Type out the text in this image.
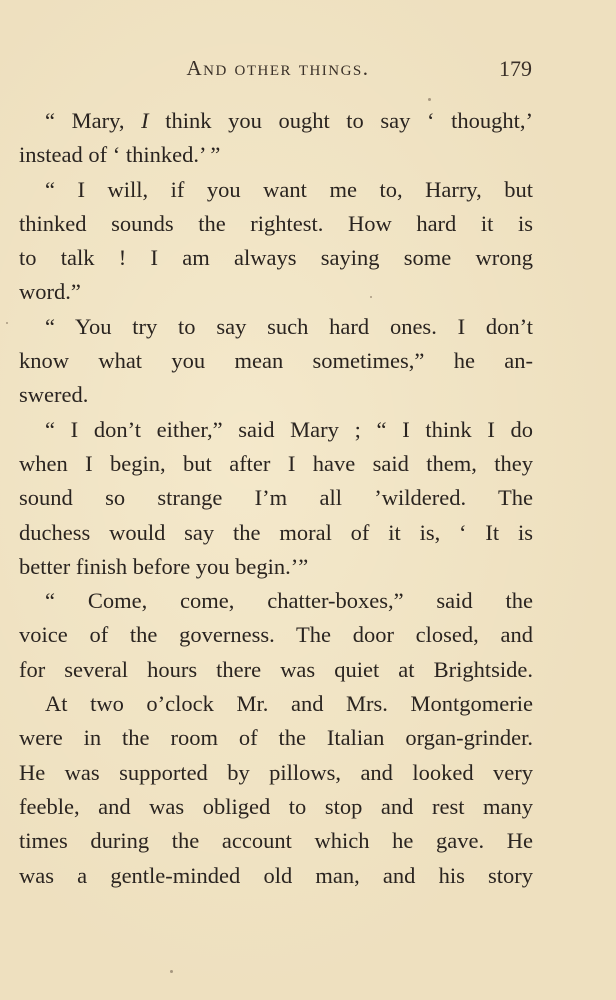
And other things.	179
“ Mary, I think you ought to say ‘ thought,’
instead of ‘ thinked.’ ”
“ I will, if you want me to, Harry, but
thinked sounds the rightest. How hard it is
to talk ! I am always saying some wrong
word.”
“ You try to say such hard ones. I don’t
know what you mean sometimes,” he an-
swered.
“ I don’t either,” said Mary ; “ I think I do
when I begin, but after I have said them, they
sound so strange I’m all ’wildered. The
duchess would say the moral of it is, ‘ It is
better finish before you begin.’”
“ Come, come, chatter-boxes,” said the
voice of the governess. The door closed, and
for several hours there was quiet at Brightside.
At two o’clock Mr. and Mrs. Montgomerie
were in the room of the Italian organ-grinder.
He was supported by pillows, and looked very
feeble, and was obliged to stop and rest many
times during the account which he gave. He
was a gentle-minded old man, and his story
